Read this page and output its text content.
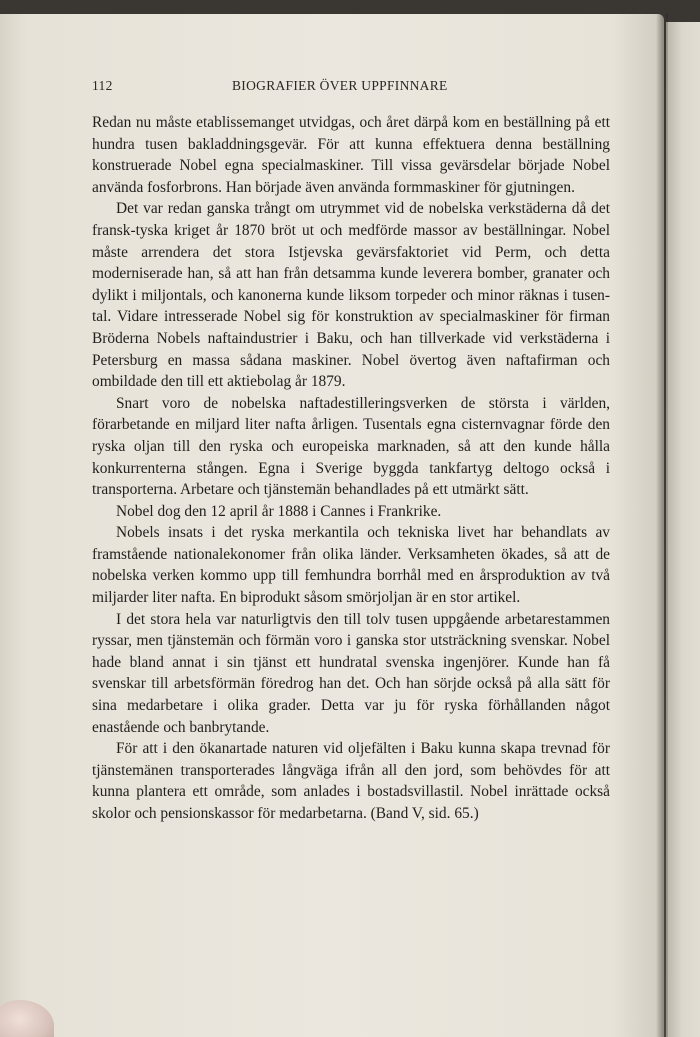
112	BIOGRAFIER ÖVER UPPFINNARE

Redan nu måste etablissemanget utvidgas, och året därpå kom en beställning på ett hundra tusen bakladdningsgevär. För att kunna effektuera denna beställning konstruerade Nobel egna specialmaskiner. Till vissa gevärsdelar började Nobel använda fosforbrons. Han började även använda formmaskiner för gjutningen.

Det var redan ganska trångt om utrymmet vid de nobelska verkstäderna då det fransk-tyska kriget år 1870 bröt ut och medförde massor av beställningar. Nobel måste arrendera det stora Istjevska gevärsfaktoriet vid Perm, och detta moderniserade han, så att han från detsamma kunde leverera bomber, granater och dylikt i miljontals, och kanonerna kunde liksom torpeder och minor räknas i tusental. Vidare intresserade Nobel sig för konstruktion av specialmaskiner för firman Bröderna Nobels naftaindustrier i Baku, och han tillverkade vid verkstäderna i Petersburg en massa sådana maskiner. Nobel övertog även naftafirman och ombildade den till ett aktiebolag år 1879.

Snart voro de nobelska naftadestilleringsverken de största i världen, förarbetande en miljard liter nafta årligen. Tusentals egna cisternvagnar förde den ryska oljan till den ryska och europeiska marknaden, så att den kunde hålla konkurrenterna stången. Egna i Sverige byggda tankfartyg deltogo också i transporterna. Arbetare och tjänstemän behandlades på ett utmärkt sätt.

Nobel dog den 12 april år 1888 i Cannes i Frankrike.

Nobels insats i det ryska merkantila och tekniska livet har behandlats av framstående nationalekonomer från olika länder. Verksamheten ökades, så att de nobelska verken kommo upp till femhundra borrhål med en årsproduktion av två miljarder liter nafta. En biprodukt såsom smörjoljan är en stor artikel.

I det stora hela var naturligtvis den till tolv tusen uppgående arbetarestammen ryssar, men tjänstemän och förmän voro i ganska stor utsträckning svenskar. Nobel hade bland annat i sin tjänst ett hundratal svenska ingenjörer. Kunde han få svenskar till arbetsförmän föredrog han det. Och han sörjde också på alla sätt för sina medarbetare i olika grader. Detta var ju för ryska förhållanden något enastående och banbrytande.

För att i den ökanartade naturen vid oljefälten i Baku kunna skapa trevnad för tjänstemänen transporterades långväga ifrån all den jord, som behövdes för att kunna plantera ett område, som anlades i bostadsvillastil. Nobel inrättade också skolor och pensionskassor för medarbetarna. (Band V, sid. 65.)
